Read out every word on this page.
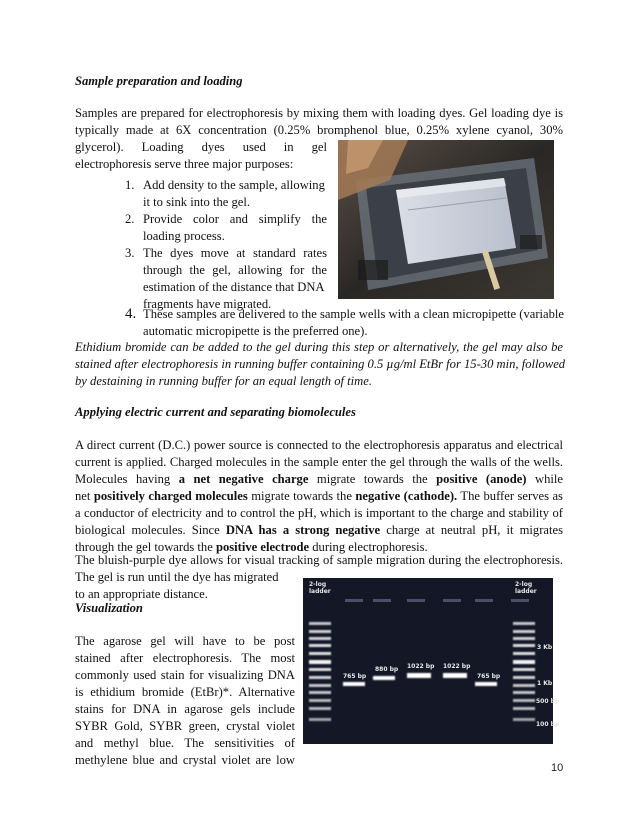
Sample preparation and loading

Samples are prepared for electrophoresis by mixing them with loading dyes. Gel loading dye is
typically made at 6X concentration (0.25% bromphenol blue, 0.25% xylene cyanol, 30%
glycerol). Loading dyes used in gel
electrophoresis serve three major purposes:

1. Add density to the sample, allowing
it to sink into the gel.
2. Provide color and simplify the
loading process.
3. The dyes move at standard rates
through the gel, allowing for the
estimation of the distance that DNA
fragments have migrated.
4. These samples are delivered to the sample wells with a clean micropipette (variable
automatic micropipette is the preferred one).

Ethidium bromide can be added to the gel during this step or alternatively, the gel may also be
stained after electrophoresis in running buffer containing 0.5 µg/ml EtBr for 15-30 min, followed
by destaining in running buffer for an equal length of time.

Applying electric current and separating biomolecules

A direct current (D.C.) power source is connected to the electrophoresis apparatus and electrical
current is applied. Charged molecules in the sample enter the gel through the walls of the wells.
Molecules having a net negative charge migrate towards the positive (anode) while
net positively charged molecules migrate towards the negative (cathode). The buffer serves as
a conductor of electricity and to control the pH, which is important to the charge and stability of
biological molecules. Since DNA has a strong negative charge at neutral pH, it migrates
through the gel towards the positive electrode during electrophoresis.

The bluish-purple dye allows for visual tracking of sample migration during the electrophoresis.
The gel is run until the dye has migrated
to an appropriate distance.

Visualization

The agarose gel will have to be post
stained after electrophoresis. The most
commonly used stain for visualizing DNA
is ethidium bromide (EtBr)*. Alternative
stains for DNA in agarose gels include
SYBR Gold, SYBR green, crystal violet
and methyl blue. The sensitivities of
methylene blue and crystal violet are low

2-log
ladder
2-log
ladder
765 bp
880 bp 1022 bp 1022 bp
765 bp
3 Kb
1 Kb
500 bp
100 bp
10
